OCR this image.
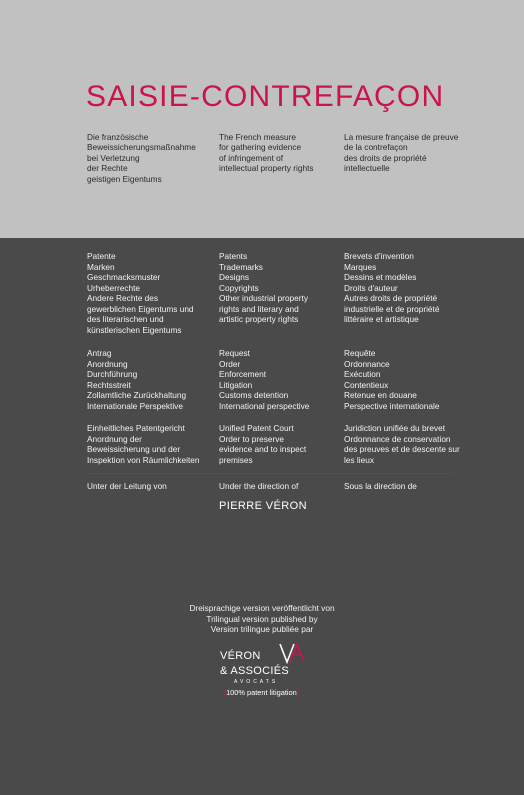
SAISIE-CONTREFAÇON
Die französische
Beweissicherungsmaßnahme
bei Verletzung
der Rechte
geistigen Eigentums
The French measure
for gathering evidence
of infringement of
intellectual property rights
La mesure française de preuve
de la contrefaçon
des droits de propriété
intellectuelle
Patente
Marken
Geschmacksmuster
Urheberrechte
Andere Rechte des
gewerblichen Eigentums und
des literarischen und
künstlerischen Eigentums
Patents
Trademarks
Designs
Copyrights
Other industrial property
rights and literary and
artistic property rights
Brevets d'invention
Marques
Dessins et modèles
Droits d'auteur
Autres droits de propriété
industrielle et de propriété
littéraire et artistique
Antrag
Anordnung
Durchführung
Rechtsstreit
Zollamtliche Zurückhaltung
Internationale Perspektive
Request
Order
Enforcement
Litigation
Customs detention
International perspective
Requête
Ordonnance
Exécution
Contentieux
Retenue en douane
Perspective internationale
Einheitliches Patentgericht
Anordnung der
Beweissicherung und der
Inspektion von Räumlichkeiten
Unified Patent Court
Order to preserve
evidence and to inspect
premises
Juridiction unifiée du brevet
Ordonnance de conservation
des preuves et de descente sur
les lieux
Unter der Leitung von	Under the direction of	Sous la direction de
PIERRE VÉRON
Dreisprachige version veröffentlicht von
Trilingual version published by
Version trilingue publiée par
VÉRON
& ASSOCIÉS
AVOCATS
[100% patent litigation]
